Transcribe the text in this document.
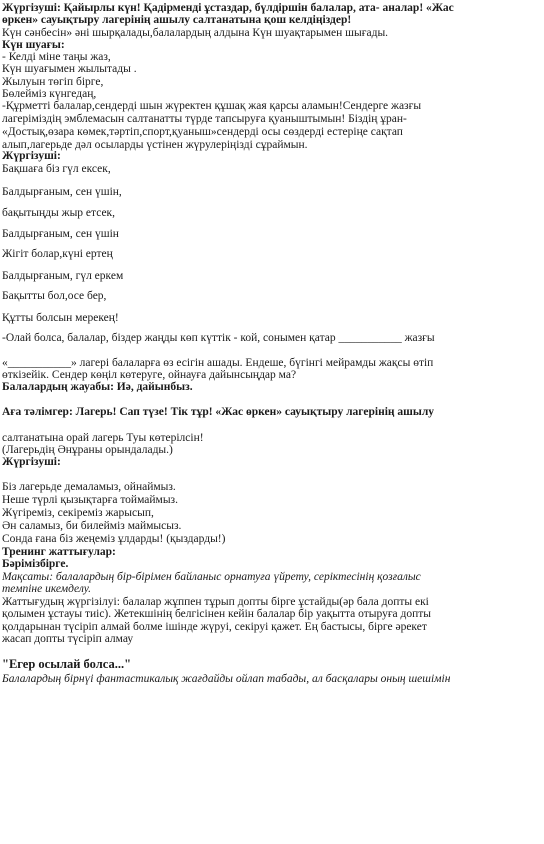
Жүргізуші: Қайырлы күн! Қадірменді ұстаздар, бүлдіршін балалар, ата- аналар! «Жас
өркен» сауықтыру лагерінің ашылу салтанатына қош келдіңіздер!
Күн сәнбесін» әні шырқалады,балалардың алдына Күн шуақтарымен шығады.
Күн шуағы:
- Келді міне таңы жаз,
Күн шуағымен жылытады .
Жылуын төгіп бірге,
Бөлейміз күнгедаң,
-Құрметті балалар,сендерді шын жүректен құшақ жая қарсы аламын!Сендерге жазғы
лагеріміздің эмблемасын салтанатты түрде тапсыруға қуаныштымын! Біздің ұран-
«Достық,өзара көмек,тәртіп,спорт,қуаныш»сендерді осы сөздерді естеріңе сақтап
алып,лагерьде дәл осыларды үстінен жүрулеріңізді сұраймын.
Жүргізуші:
Бақшаға біз гүл ексек,
Балдырғаным, сен үшін,
бақытыңды жыр етсек,
Балдырғаным, сен үшін
Жігіт болар,күні ертең
Балдырғаным, гүл еркем
Бақытты бол,осе бер,
Құтты болсын мерекең!
-Олай болса, балалар, біздер жаңды көп күттік - кой, сонымен қатар ___________ жазғы
«___________» лагері балаларға өз есігін ашады. Ендеше, бүгінгі мейрамды жақсы өтіп
өткізейік. Сендер көңіл көтеруге, ойнауға дайынсыңдар ма?
Балалардың жауабы: Иә, дайынбыз.
Аға тәлімгер: Лагерь! Сап түзе! Тік тұр! «Жас өркен» сауықтыру лагерінің ашылу
салтанатына орай лагерь Туы көтерілсін!
(Лагерьдің Әнұраны орындалады.)
Жүргізуші:
Біз лагерьде демаламыз, ойнаймыз.
Неше түрлі қызықтарға тоймаймыз.
Жүгіреміз, секіреміз жарысып,
Ән саламыз, би билейміз маймысыз.
Сонда ғана біз жеңеміз ұлдарды! (қыздарды!)
Тренинг жаттығулар:
Бәрімізбірге.
Мақсаты: балалардың бір-бірімен байланыс орнатуға үйрету, серіктесінің қозғалыс
темпіне икемделу.
Жаттығудың жүргізілуі: балалар жұппен тұрып допты бірге ұстайды(әр бала допты екі
қолымен ұстауы тиіс). Жетекшінің белгісінен кейін балалар бір уақытта отыруға допты
қолдарынан түсіріп алмай болме ішінде жүруі, секіруі қажет. Ең бастысы, бірге әрекет
жасап допты түсіріп алмау
"Егер осылай болса..."
Балалардың бірнүі фантастикалық жағдайды ойлап табады, ал басқалары оның шешімін
